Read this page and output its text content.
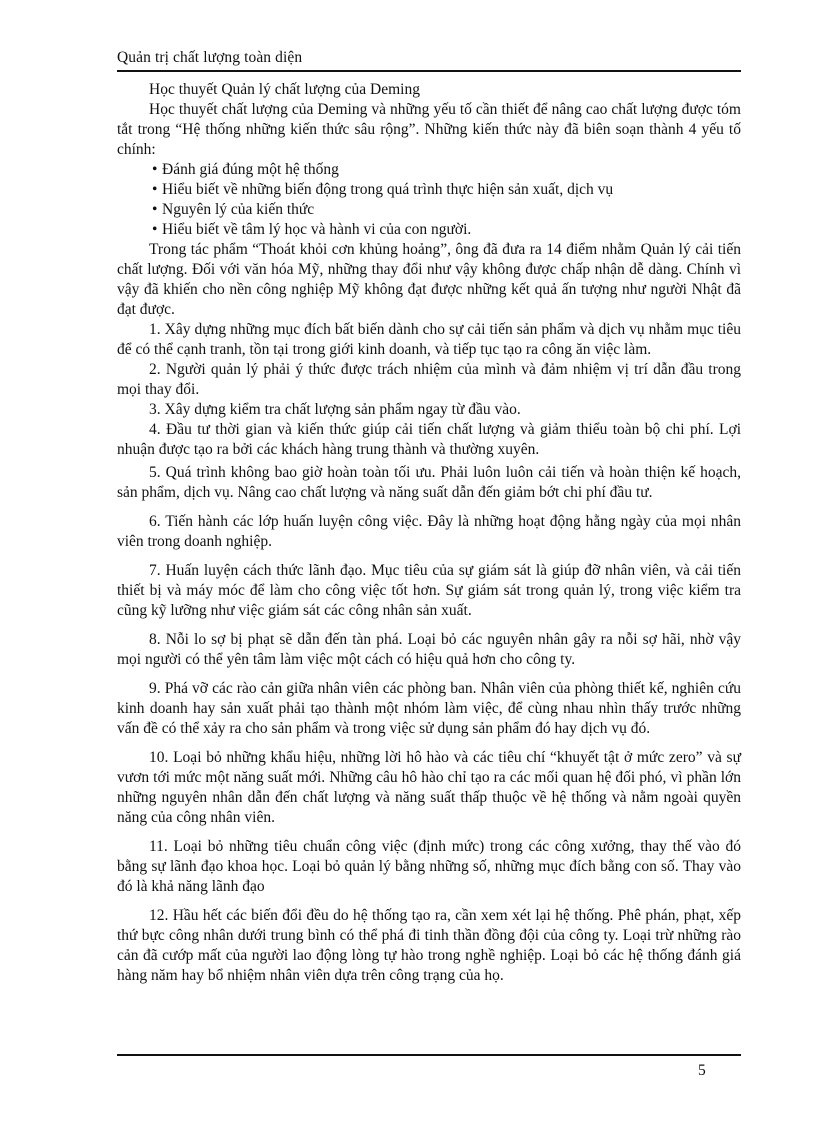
Quản trị chất lượng toàn diện

Học thuyết Quản lý chất lượng của Deming

Học thuyết chất lượng của Deming và những yếu tố cần thiết để nâng cao chất lượng được tóm tắt trong “Hệ thống những kiến thức sâu rộng”. Những kiến thức này đã biên soạn thành 4 yếu tố chính:

• Đánh giá đúng một hệ thống
• Hiểu biết về những biến động trong quá trình thực hiện sản xuất, dịch vụ
• Nguyên lý của kiến thức
• Hiểu biết về tâm lý học và hành vi của con người.

Trong tác phẩm “Thoát khỏi cơn khủng hoảng”, ông đã đưa ra 14 điểm nhằm Quản lý cải tiến chất lượng. Đối với văn hóa Mỹ, những thay đổi như vậy không được chấp nhận dễ dàng. Chính vì vậy đã khiến cho nền công nghiệp Mỹ không đạt được những kết quả ấn tượng như người Nhật đã đạt được.

1. Xây dựng những mục đích bất biến dành cho sự cải tiến sản phẩm và dịch vụ nhằm mục tiêu để có thể cạnh tranh, tồn tại trong giới kinh doanh, và tiếp tục tạo ra công ăn việc làm.

2. Người quản lý phải ý thức được trách nhiệm của mình và đảm nhiệm vị trí dẫn đầu trong mọi thay đổi.

3. Xây dựng kiểm tra chất lượng sản phẩm ngay từ đầu vào.

4. Đầu tư thời gian và kiến thức giúp cải tiến chất lượng và giảm thiểu toàn bộ chi phí. Lợi nhuận được tạo ra bởi các khách hàng trung thành và thường xuyên.

5. Quá trình không bao giờ hoàn toàn tối ưu. Phải luôn luôn cải tiến và hoàn thiện kế hoạch, sản phẩm, dịch vụ. Nâng cao chất lượng và năng suất dẫn đến giảm bớt chi phí đầu tư.

6. Tiến hành các lớp huấn luyện công việc. Đây là những hoạt động hằng ngày của mọi nhân viên trong doanh nghiệp.

7. Huấn luyện cách thức lãnh đạo. Mục tiêu của sự giám sát là giúp đỡ nhân viên, và cải tiến thiết bị và máy móc để làm cho công việc tốt hơn. Sự giám sát trong quản lý, trong việc kiểm tra cũng kỹ lưỡng như việc giám sát các công nhân sản xuất.

8. Nỗi lo sợ bị phạt sẽ dẫn đến tàn phá. Loại bỏ các nguyên nhân gây ra nỗi sợ hãi, nhờ vậy mọi người có thể yên tâm làm việc một cách có hiệu quả hơn cho công ty.

9. Phá vỡ các rào cản giữa nhân viên các phòng ban. Nhân viên của phòng thiết kế, nghiên cứu kinh doanh hay sản xuất phải tạo thành một nhóm làm việc, để cùng nhau nhìn thấy trước những vấn đề có thể xảy ra cho sản phẩm và trong việc sử dụng sản phẩm đó hay dịch vụ đó.

10. Loại bỏ những khẩu hiệu, những lời hô hào và các tiêu chí “khuyết tật ở mức zero” và sự vươn tới mức một năng suất mới. Những câu hô hào chỉ tạo ra các mối quan hệ đối phó, vì phần lớn những nguyên nhân dẫn đến chất lượng và năng suất thấp thuộc về hệ thống và nằm ngoài quyền năng của công nhân viên.

11. Loại bỏ những tiêu chuẩn công việc (định mức) trong các công xưởng, thay thế vào đó bằng sự lãnh đạo khoa học. Loại bỏ quản lý bằng những số, những mục đích bằng con số. Thay vào đó là khả năng lãnh đạo

12. Hầu hết các biến đổi đều do hệ thống tạo ra, cần xem xét lại hệ thống. Phê phán, phạt, xếp thứ bực công nhân dưới trung bình có thể phá đi tinh thần đồng đội của công ty. Loại trừ những rào cản đã cướp mất của người lao động lòng tự hào trong nghề nghiệp. Loại bỏ các hệ thống đánh giá hàng năm hay bổ nhiệm nhân viên dựa trên công trạng của họ.

5
